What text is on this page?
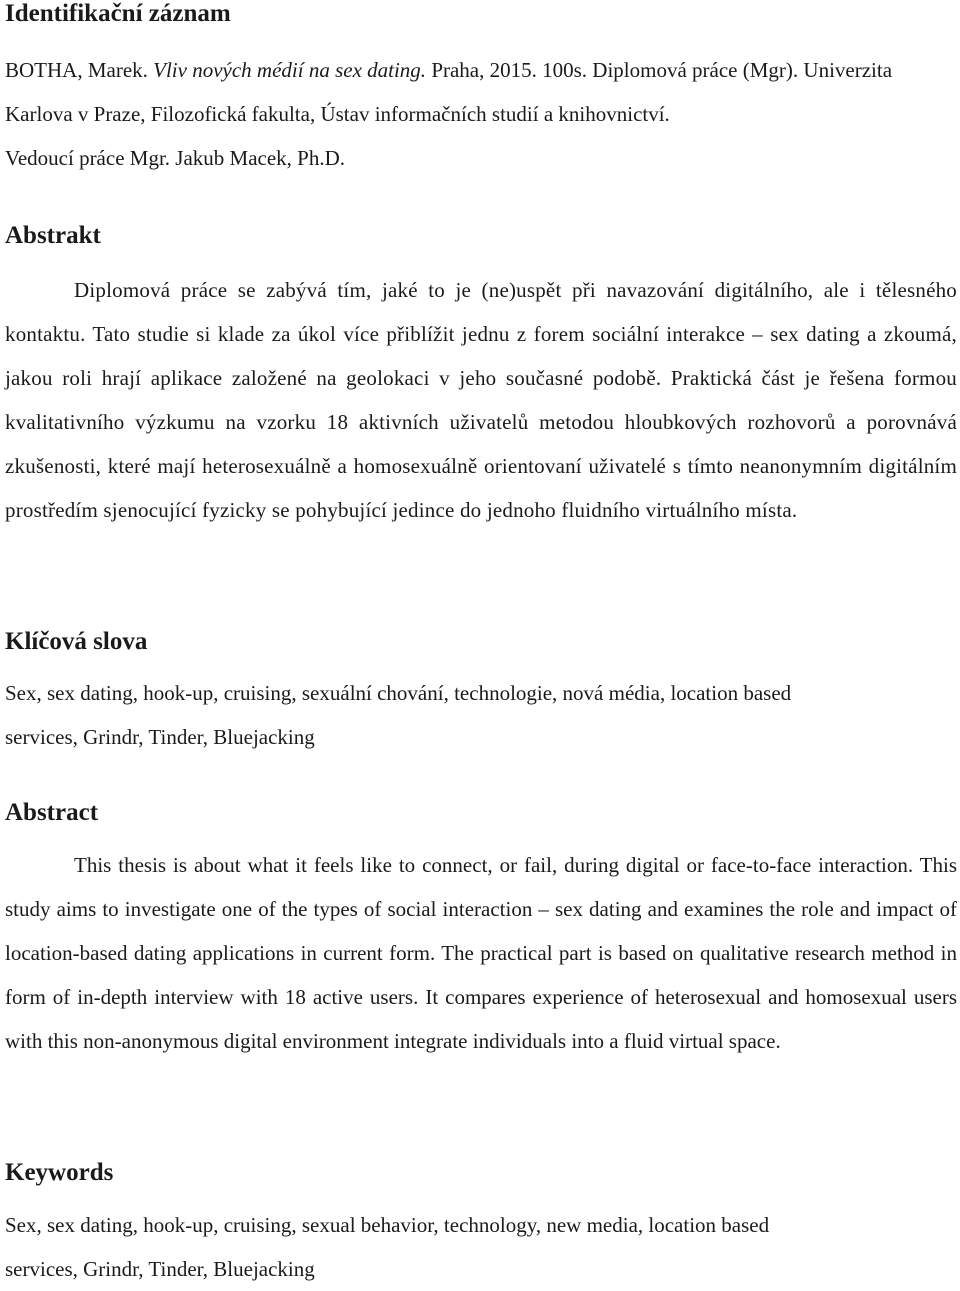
Identifikační záznam
BOTHA, Marek. Vliv nových médií na sex dating. Praha, 2015. 100s. Diplomová práce (Mgr). Univerzita Karlova v Praze, Filozofická fakulta, Ústav informačních studií a knihovnictví.
Vedoucí práce Mgr. Jakub Macek, Ph.D.
Abstrakt

Diplomová práce se zabývá tím, jaké to je (ne)uspět při navazování digitálního, ale i tělesného kontaktu. Tato studie si klade za úkol více přiblížit jednu z forem sociální interakce – sex dating a zkoumá, jakou roli hrají aplikace založené na geolokaci v jeho současné podobě. Praktická část je řešena formou kvalitativního výzkumu na vzorku 18 aktivních uživatelů metodou hloubkových rozhovorů a porovnává zkušenosti, které mají heterosexuálně a homosexuálně orientovaní uživatelé s tímto neanonymním digitálním prostředím sjenocující fyzicky se pohybující jedince do jednoho fluidního virtuálního místa.

Klíčová slova

Sex, sex dating, hook-up, cruising, sexuální chování, technologie, nová média, location based

services, Grindr, Tinder, Bluejacking

Abstract

This thesis is about what it feels like to connect, or fail, during digital or face-to-face interaction. This study aims to investigate one of the types of social interaction – sex dating and examines the role and impact of location-based dating applications in current form. The practical part is based on qualitative research method in form of in-depth interview with 18 active users. It compares experience of heterosexual and homosexual users with this non-anonymous digital environment integrate individuals into a fluid virtual space.

Keywords

Sex, sex dating, hook-up, cruising, sexual behavior, technology, new media, location based

services, Grindr, Tinder, Bluejacking
